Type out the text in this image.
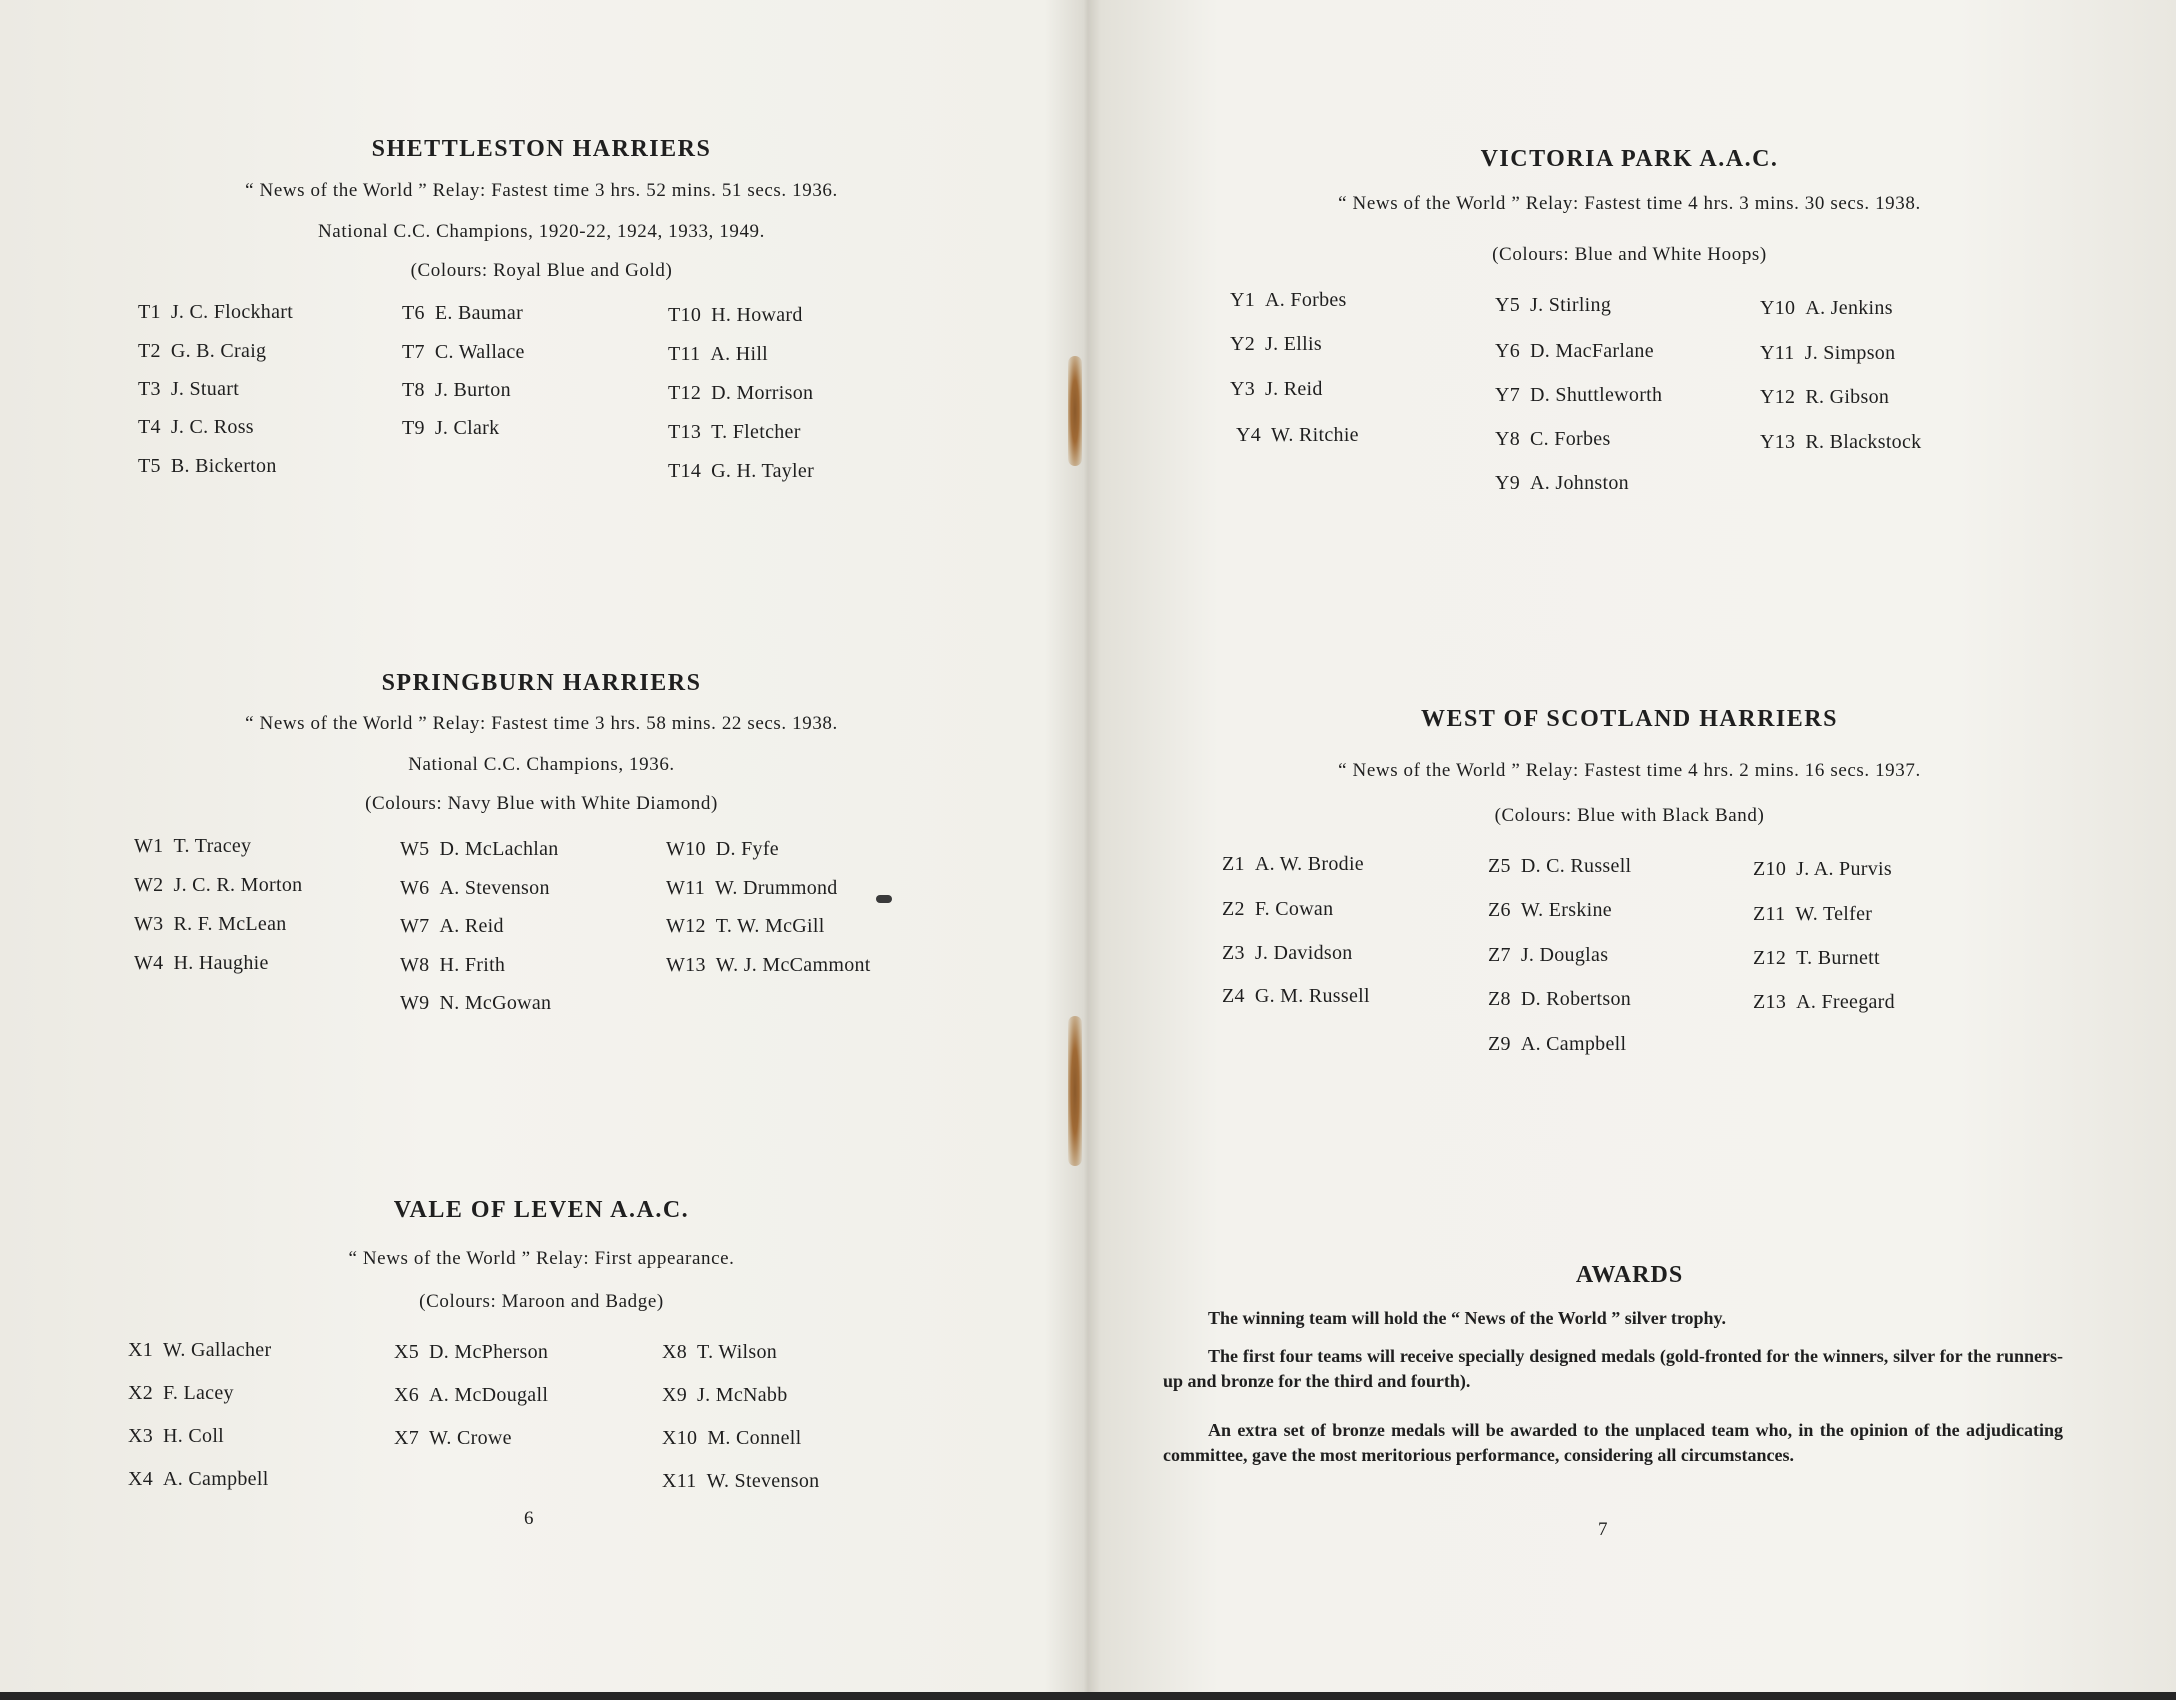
SHETTLESTON HARRIERS

“ News of the World ” Relay: Fastest time 3 hrs. 52 mins. 51 secs. 1936.

National C.C. Champions, 1920-22, 1924, 1933, 1949.

(Colours: Royal Blue and Gold)

T1 J. C. Flockhart
T2 G. B. Craig
T3 J. Stuart
T4 J. C. Ross
T5 B. Bickerton
T6 E. Baumar
T7 C. Wallace
T8 J. Burton
T9 J. Clark
T10 H. Howard
T11 A. Hill
T12 D. Morrison
T13 T. Fletcher
T14 G. H. Tayler
SPRINGBURN HARRIERS

“ News of the World ” Relay: Fastest time 3 hrs. 58 mins. 22 secs. 1938.

National C.C. Champions, 1936.

(Colours: Navy Blue with White Diamond)

W1 T. Tracey
W2 J. C. R. Morton
W3 R. F. McLean
W4 H. Haughie
W5 D. McLachlan
W6 A. Stevenson
W7 A. Reid
W8 H. Frith
W9 N. McGowan
W10 D. Fyfe
W11 W. Drummond
W12 T. W. McGill
W13 W. J. McCammont
VALE OF LEVEN A.A.C.

“ News of the World ” Relay: First appearance.

(Colours: Maroon and Badge)

X1 W. Gallacher
X2 F. Lacey
X3 H. Coll
X4 A. Campbell
X5 D. McPherson
X6 A. McDougall
X7 W. Crowe
X8 T. Wilson
X9 J. McNabb
X10 M. Connell
X11 W. Stevenson
6
VICTORIA PARK A.A.C.

“ News of the World ” Relay: Fastest time 4 hrs. 3 mins. 30 secs. 1938.

(Colours: Blue and White Hoops)

Y1 A. Forbes
Y2 J. Ellis
Y3 J. Reid
Y4 W. Ritchie
Y5 J. Stirling
Y6 D. MacFarlane
Y7 D. Shuttleworth
Y8 C. Forbes
Y9 A. Johnston
Y10 A. Jenkins
Y11 J. Simpson
Y12 R. Gibson
Y13 R. Blackstock
WEST OF SCOTLAND HARRIERS

“ News of the World ” Relay: Fastest time 4 hrs. 2 mins. 16 secs. 1937.

(Colours: Blue with Black Band)

Z1 A. W. Brodie
Z2 F. Cowan
Z3 J. Davidson
Z4 G. M. Russell
Z5 D. C. Russell
Z6 W. Erskine
Z7 J. Douglas
Z8 D. Robertson
Z9 A. Campbell
Z10 J. A. Purvis
Z11 W. Telfer
Z12 T. Burnett
Z13 A. Freegard
7
AWARDS

The winning team will hold the “ News of the World ” silver trophy.

The first four teams will receive specially designed medals (gold-fronted for the winners, silver for the runners-up and bronze for the third and fourth).

An extra set of bronze medals will be awarded to the unplaced team who, in the opinion of the adjudicating committee, gave the most meritorious performance, considering all circumstances.
